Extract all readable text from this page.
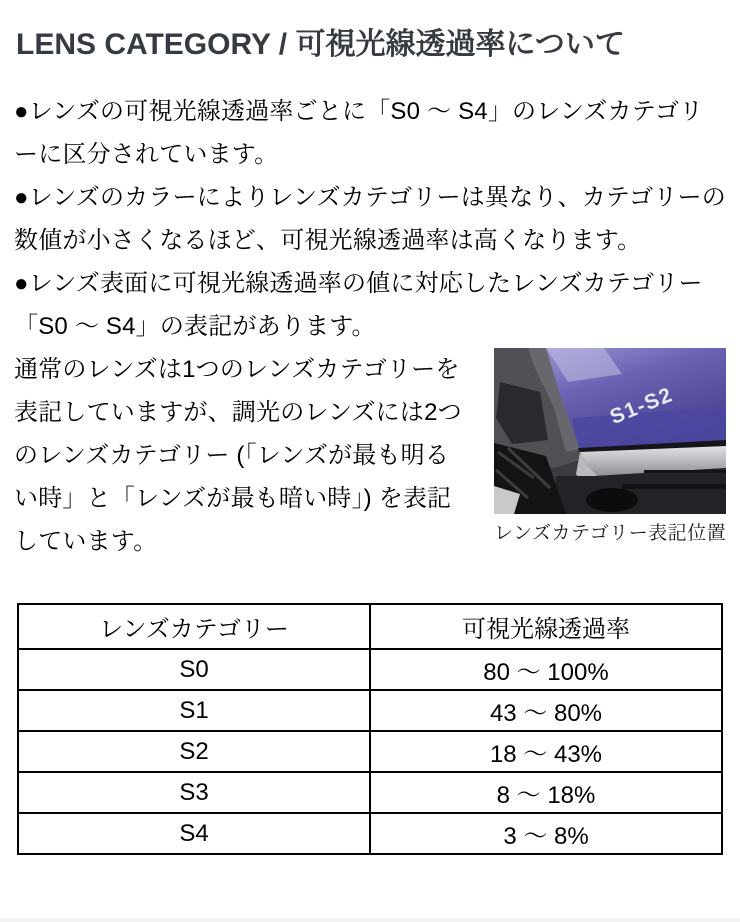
LENS CATEGORY / 可視光線透過率について

●レンズの可視光線透過率ごとに「S0 ～ S4」のレンズカテゴリーに区分されています。

●レンズのカラーによりレンズカテゴリーは異なり、カテゴリーの数値が小さくなるほど、可視光線透過率は高くなります。

●レンズ表面に可視光線透過率の値に対応したレンズカテゴリー「S0 ～ S4」の表記があります。

S1-S2
レンズカテゴリー表記位置

通常のレンズは1つのレンズカテゴリーを表記していますが、調光のレンズには2つのレンズカテゴリー (「レンズが最も明るい時」と「レンズが最も暗い時」) を表記しています。

レンズカテゴリー	可視光線透過率
S0	80 ～ 100%
S1	43 ～ 80%
S2	18 ～ 43%
S3	8 ～ 18%
S4	3 ～ 8%
